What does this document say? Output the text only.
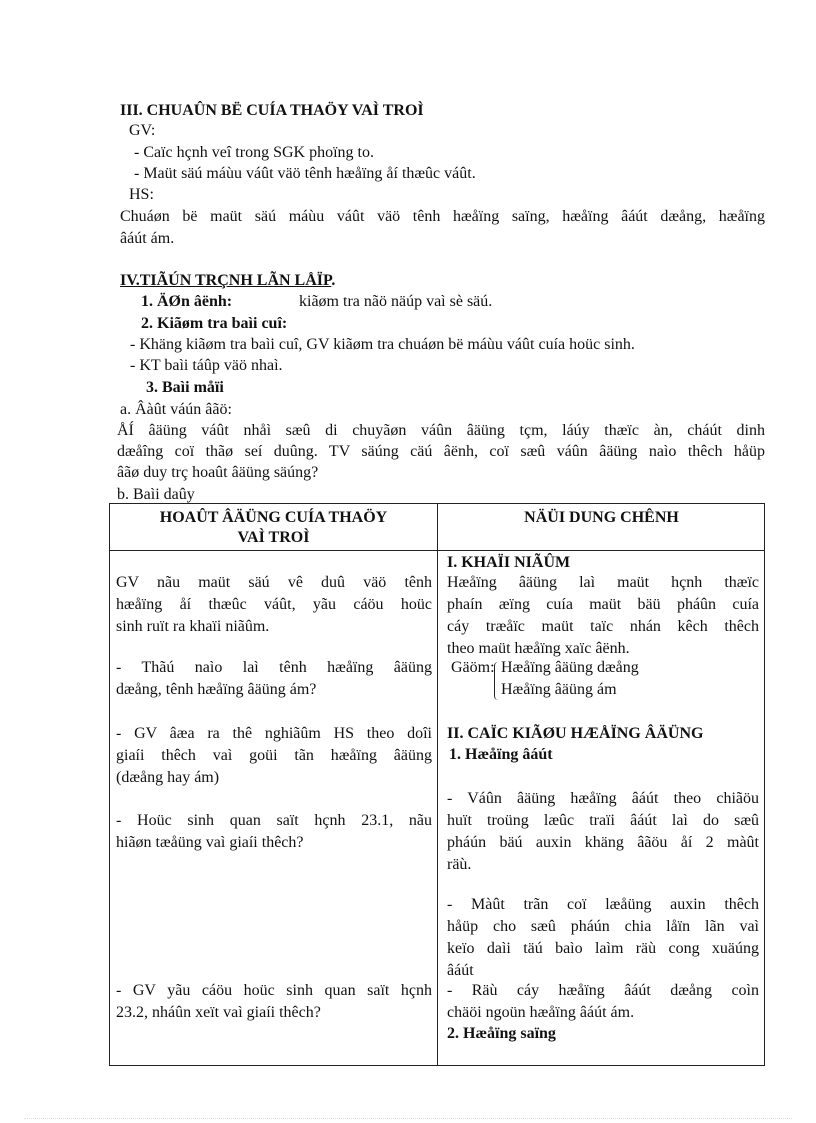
III. CHUAÛN BË CUÍA THAÖY VAÌ TROÌ
GV:
- Caïc hçnh veî trong SGK phoïng to.
- Maüt säú máùu váût väö tênh hæåïng åí thæûc váût.
HS:
Chuáøn bë maüt säú máùu váût väö tênh hæåïng saïng, hæåïng âáút dæång, hæåïng
âáút ám.
IV.TIÃÚN TRÇNH LÃN LÅÏP.
1. ÄØn âënh:	kiãøm tra nãö näúp vaì sè säú.
2. Kiãøm tra baìi cuî:
- Khäng kiãøm tra baìi cuî, GV kiãøm tra chuáøn bë máùu váût cuía hoüc sinh.
- KT baìi táûp väö nhaì.
3. Baìi måïi
a. Âàût váún âãö:
ÅÍ âäüng váût nhåì sæû di chuyãøn váûn âäüng tçm, láúy thæïc àn, cháút dinh
dæåîng coï thãø seí duûng. TV säúng cäú âënh, coï sæû váûn âäüng naìo thêch håüp
âãø duy trç hoaût âäüng säúng?
b. Baìi daûy
HOAÛT ÂÄÜNG CUÍA THAÖY
VAÌ TROÌ
NÄÜI DUNG CHÊNH
GV nãu maüt säú vê duû väö tênh
hæåïng åí thæûc váût, yãu cáöu hoüc
sinh ruït ra khaïi niãûm.
- Thãú naìo laì tênh hæåïng âäüng
dæång, tênh hæåïng âäüng ám?
- GV âæa ra thê nghiãûm HS theo doîi
giaíi thêch vaì goüi tãn hæåïng âäüng
(dæång hay ám)
- Hoüc sinh quan saït hçnh 23.1, nãu
hiãøn tæåüng vaì giaíi thêch?
- GV yãu cáöu hoüc sinh quan saït hçnh
23.2, nháûn xeït vaì giaíi thêch?
I. KHAÏI NIÃÛM
Hæåïng âäüng laì maüt hçnh thæïc
phaín æïng cuía maüt bäü pháûn cuía
cáy træåïc maüt taïc nhán kêch thêch
theo maüt hæåïng xaïc âënh.
Gäöm: Hæåïng âäüng dæång
Hæåïng âäüng ám
II. CAÏC KIÃØU HÆÅÏNG ÂÄÜNG
1. Hæåïng âáút
- Váûn âäüng hæåïng âáút theo chiãöu
huït troüng læûc traïi âáút laì do sæû
pháún bäú auxin khäng âãöu åí 2 màût
räù.
- Màût trãn coï læåüng auxin thêch
håüp cho sæû pháún chia låïn lãn vaì
keïo daìi täú baìo laìm räù cong xuäúng
âáút
- Räù cáy hæåïng âáút dæång coìn
chäöi ngoün hæåïng âáút ám.
2. Hæåïng saïng
